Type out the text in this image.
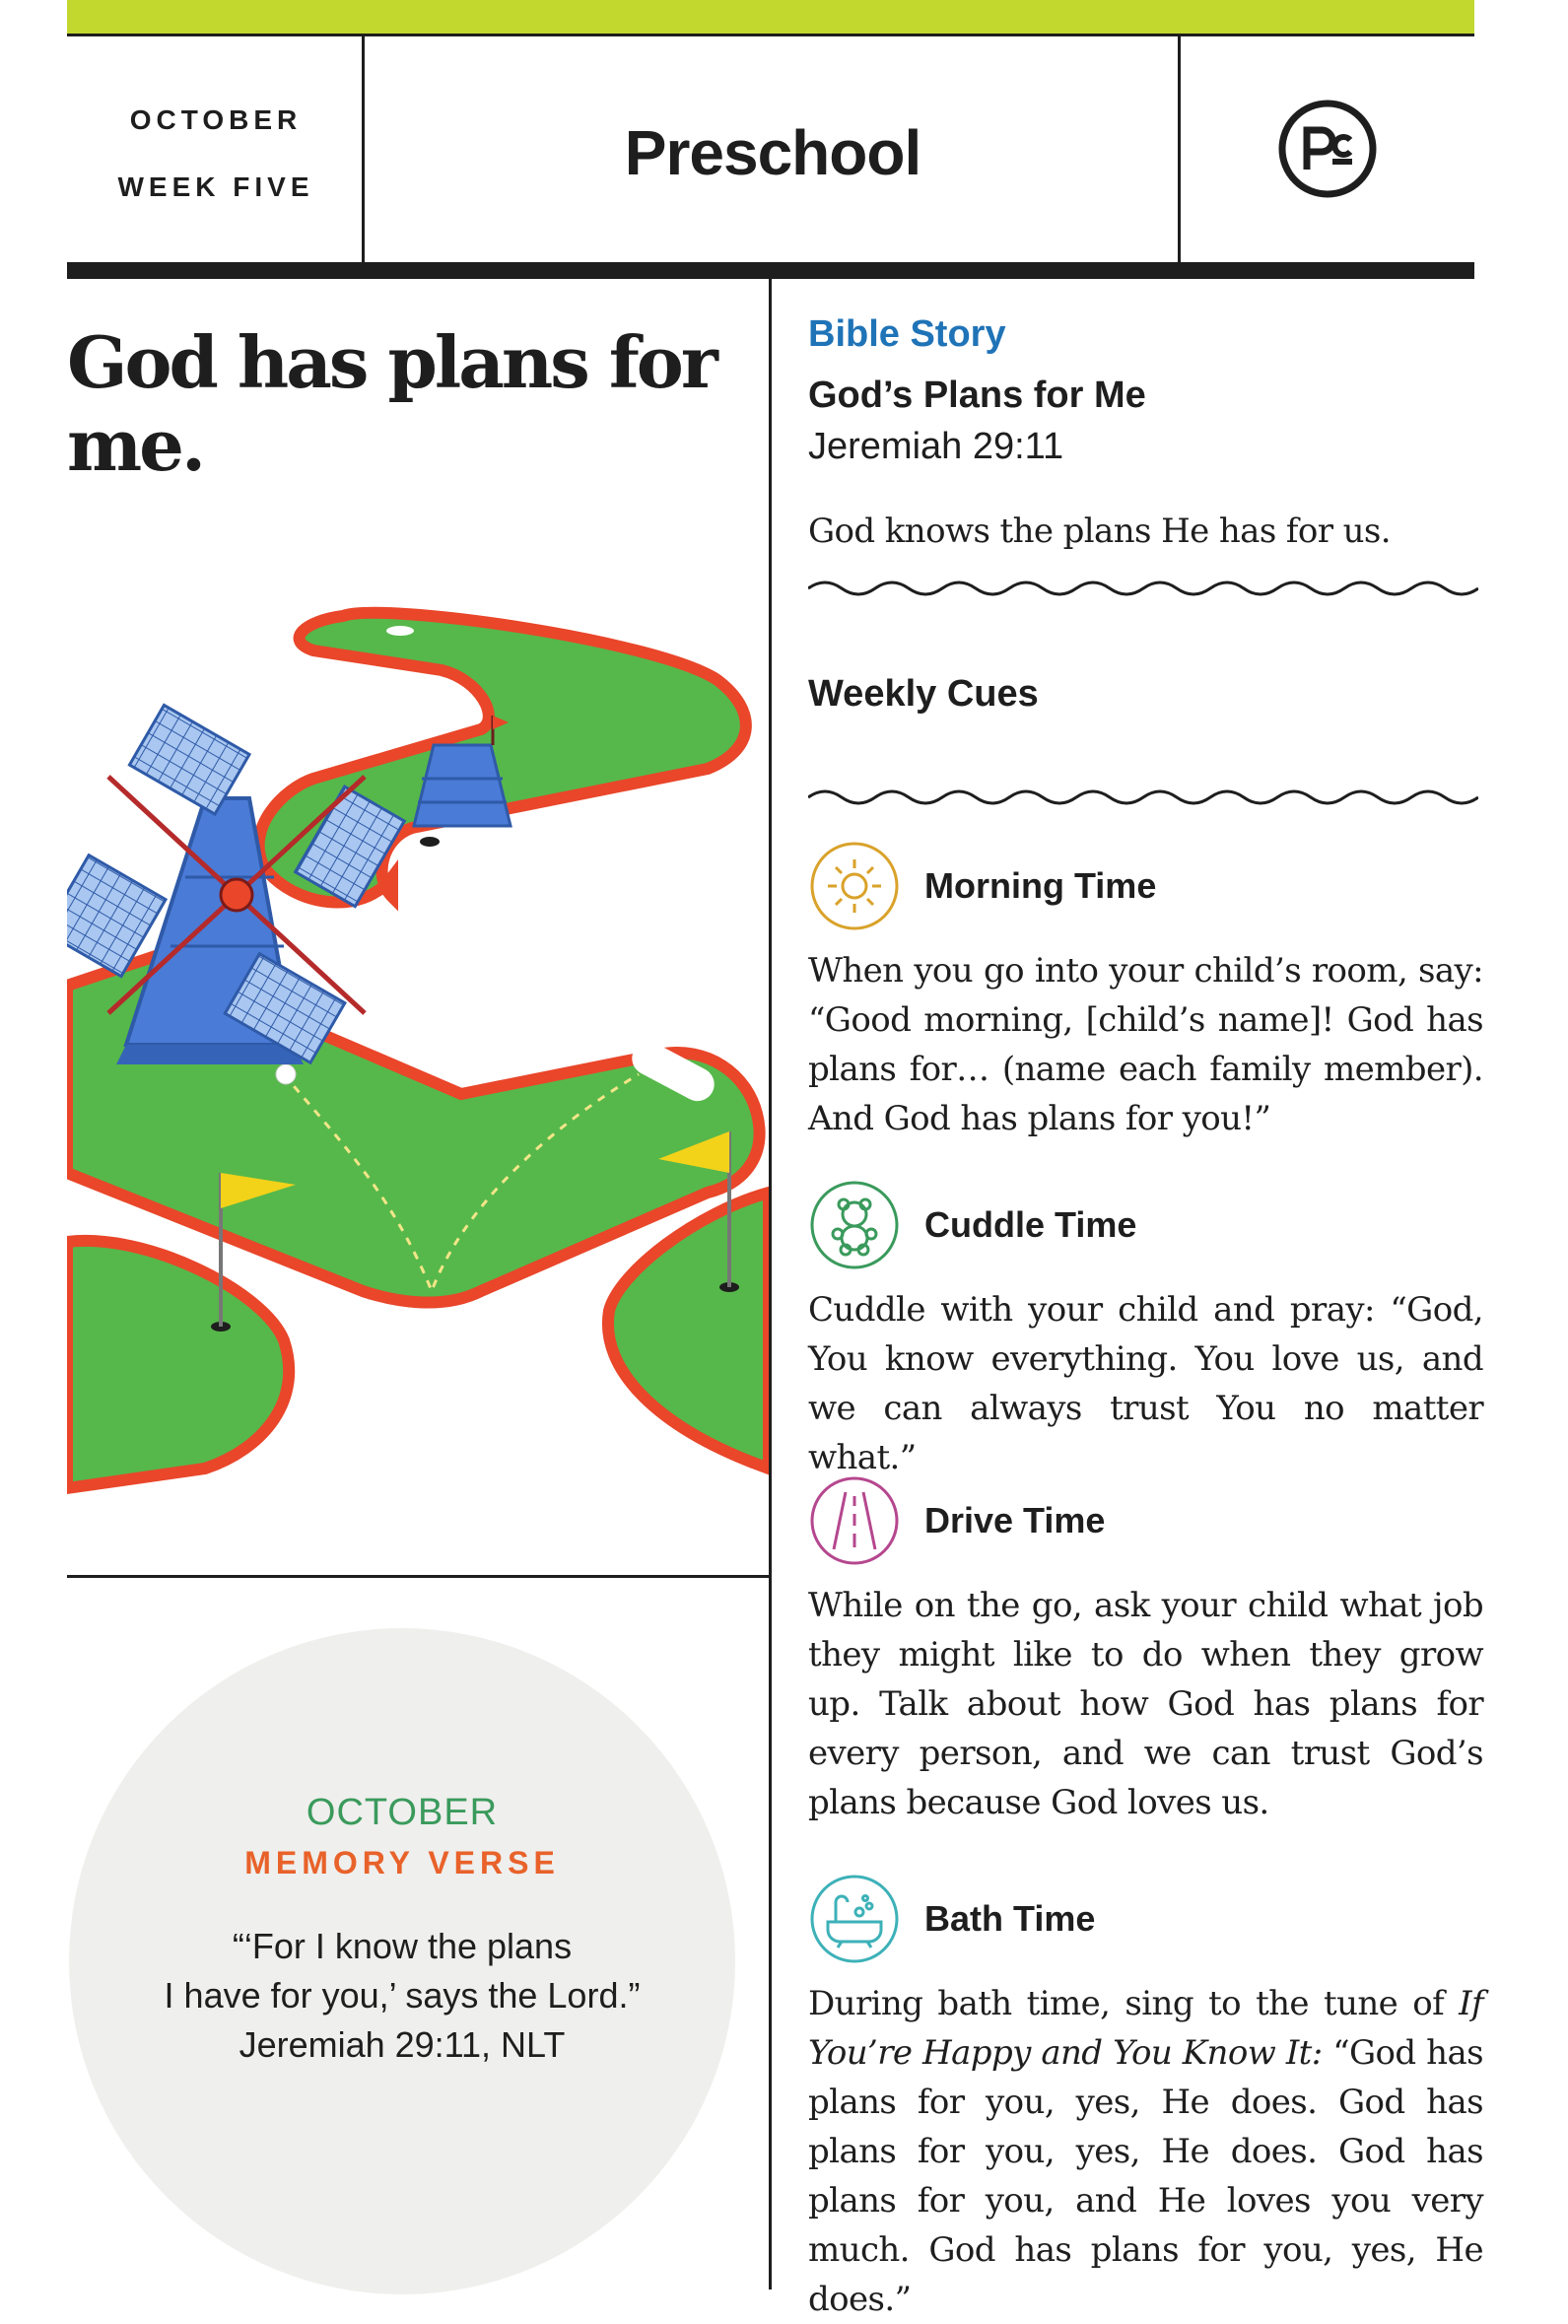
OCTOBER
WEEK FIVE	Preschool
God has plans for me.
OCTOBER
MEMORY VERSE
“‘For I know the plans
I have for you,’ says the Lord.”
Jeremiah 29:11, NLT
Bible Story
God’s Plans for Me
Jeremiah 29:11
God knows the plans He has for us.
Weekly Cues
Morning Time
When you go into your child’s room, say: “Good morning, [child’s name]! God has plans for… (name each family member). And God has plans for you!”
Cuddle Time
Cuddle with your child and pray: “God, You know everything. You love us, and we can always trust You no matter what.”
Drive Time
While on the go, ask your child what job they might like to do when they grow up. Talk about how God has plans for every person, and we can trust God’s plans because God loves us.
Bath Time
During bath time, sing to the tune of If You’re Happy and You Know It: “God has plans for you, yes, He does. God has plans for you, yes, He does. God has plans for you, and He loves you very much. God has plans for you, yes, He does.”
